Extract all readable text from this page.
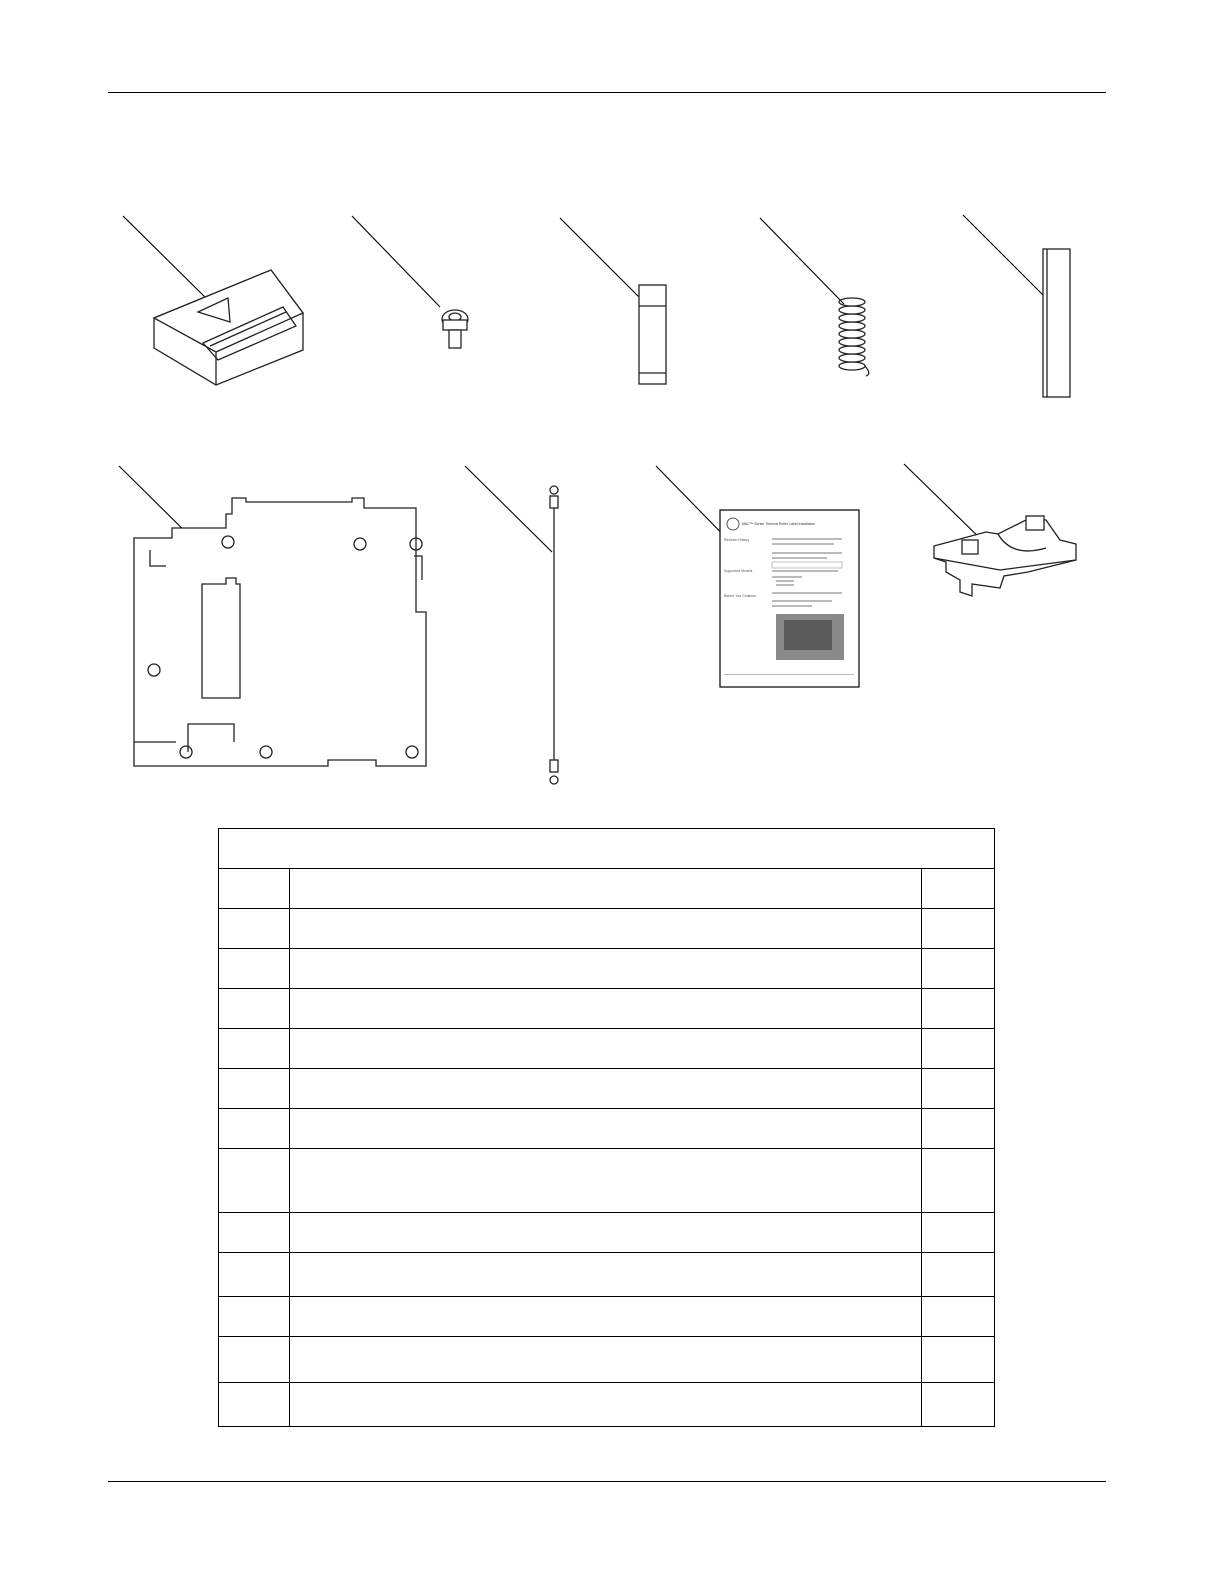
MAC™ Series Thermal Roller Label Installation
Revision History
Supported Models
Before You Continue
